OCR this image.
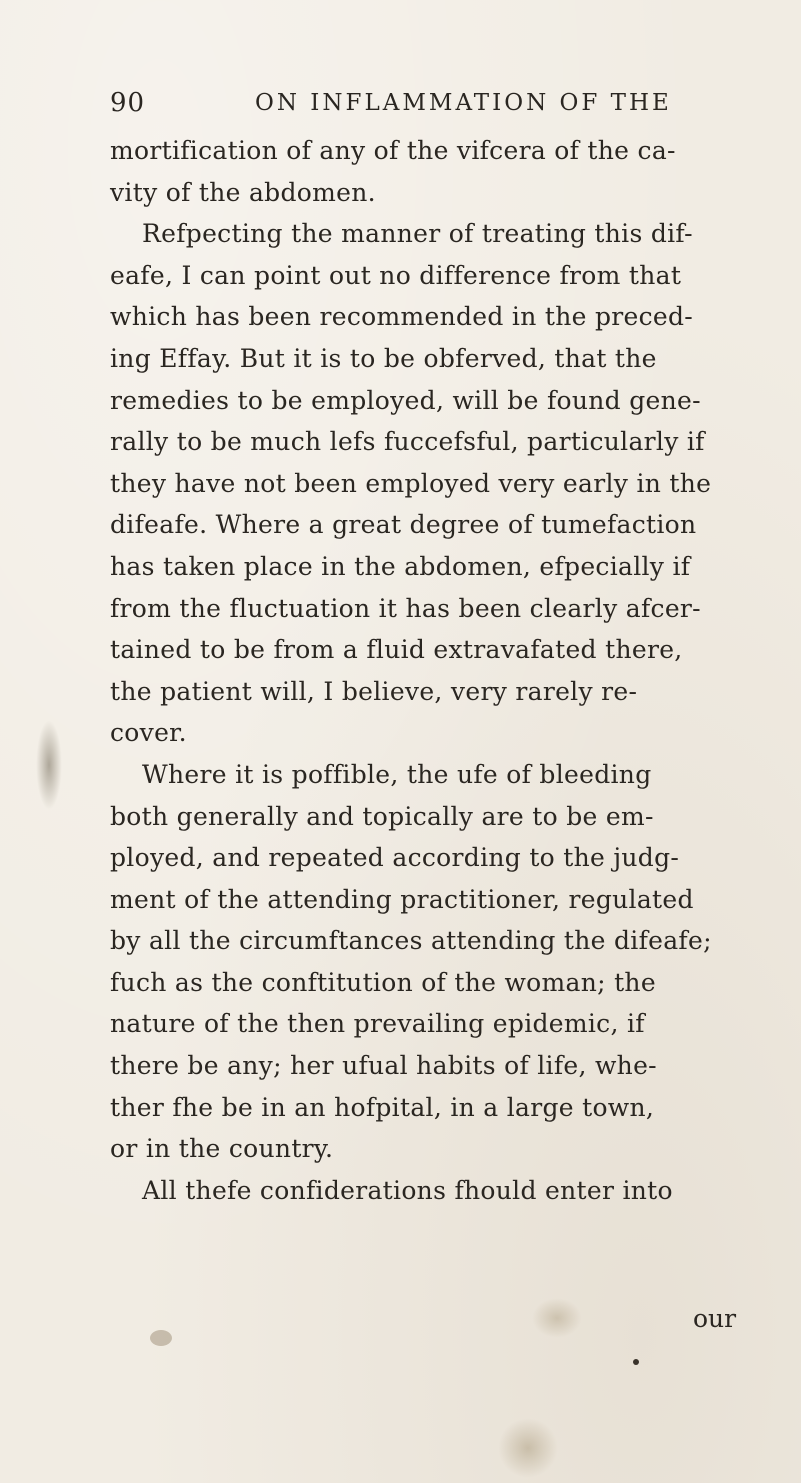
90	ON INFLAMMATION OF THE
mortification of any of the vifcera of the ca-
vity of the abdomen.
Refpecting the manner of treating this dif-
eafe, I can point out no difference from that
which has been recommended in the preced-
ing Effay. But it is to be obferved, that the
remedies to be employed, will be found gene-
rally to be much lefs fuccefsful, particularly if
they have not been employed very early in the
difeafe. Where a great degree of tumefaction
has taken place in the abdomen, efpecially if
from the fluctuation it has been clearly afcer-
tained to be from a fluid extravafated there,
the patient will, I believe, very rarely re-
cover.
Where it is poffible, the ufe of bleeding
both generally and topically are to be em-
ployed, and repeated according to the judg-
ment of the attending practitioner, regulated
by all the circumftances attending the difeafe;
fuch as the conftitution of the woman; the
nature of the then prevailing epidemic, if
there be any; her ufual habits of life, whe-
ther fhe be in an hofpital, in a large town,
or in the country.
All thefe confiderations fhould enter into
our
